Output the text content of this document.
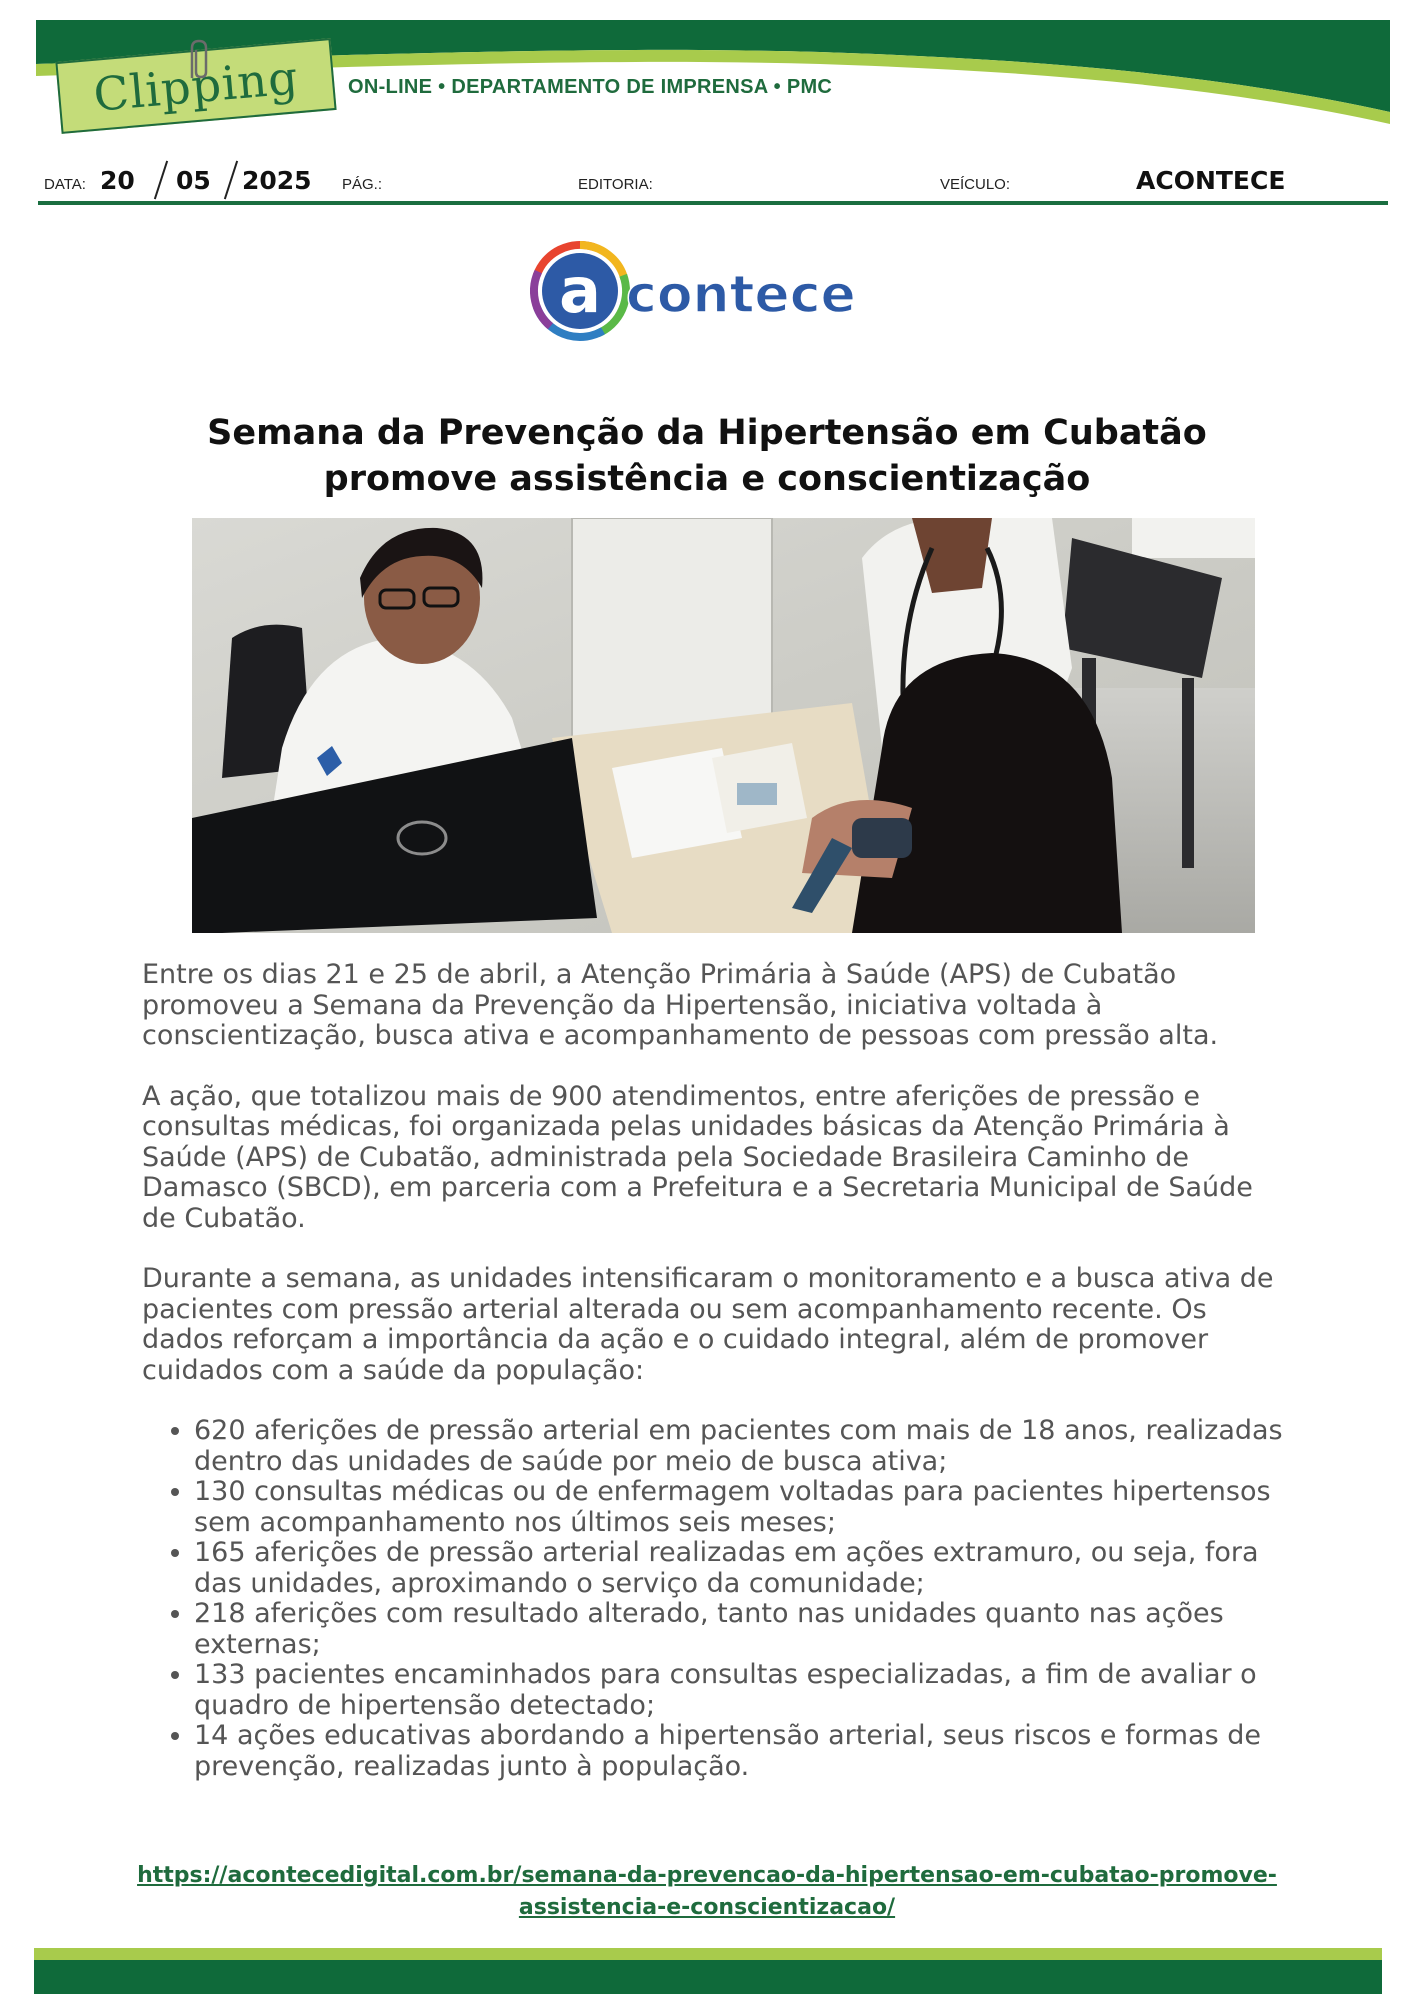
Clipping ON-LINE • DEPARTAMENTO DE IMPRENSA • PMC
DATA: 20 05 2025 PÁG.:	EDITORIA:	VEÍCULO:	ACONTECE
a contece
Semana da Prevenção da Hipertensão em Cubatão
promove assistência e conscientização

Entre os dias 21 e 25 de abril, a Atenção Primária à Saúde (APS) de Cubatão promoveu a Semana da Prevenção da Hipertensão, iniciativa voltada à conscientização, busca ativa e acompanhamento de pessoas com pressão alta.

A ação, que totalizou mais de 900 atendimentos, entre aferições de pressão e consultas médicas, foi organizada pelas unidades básicas da Atenção Primária à Saúde (APS) de Cubatão, administrada pela Sociedade Brasileira Caminho de Damasco (SBCD), em parceria com a Prefeitura e a Secretaria Municipal de Saúde de Cubatão.

Durante a semana, as unidades intensificaram o monitoramento e a busca ativa de pacientes com pressão arterial alterada ou sem acompanhamento recente. Os dados reforçam a importância da ação e o cuidado integral, além de promover cuidados com a saúde da população:

• 620 aferições de pressão arterial em pacientes com mais de 18 anos, realizadas dentro das unidades de saúde por meio de busca ativa;
• 130 consultas médicas ou de enfermagem voltadas para pacientes hipertensos sem acompanhamento nos últimos seis meses;
• 165 aferições de pressão arterial realizadas em ações extramuro, ou seja, fora das unidades, aproximando o serviço da comunidade;
• 218 aferições com resultado alterado, tanto nas unidades quanto nas ações externas;
• 133 pacientes encaminhados para consultas especializadas, a fim de avaliar o quadro de hipertensão detectado;
• 14 ações educativas abordando a hipertensão arterial, seus riscos e formas de prevenção, realizadas junto à população.
https://acontecedigital.com.br/semana-da-prevencao-da-hipertensao-em-cubatao-promove-
assistencia-e-conscientizacao/
